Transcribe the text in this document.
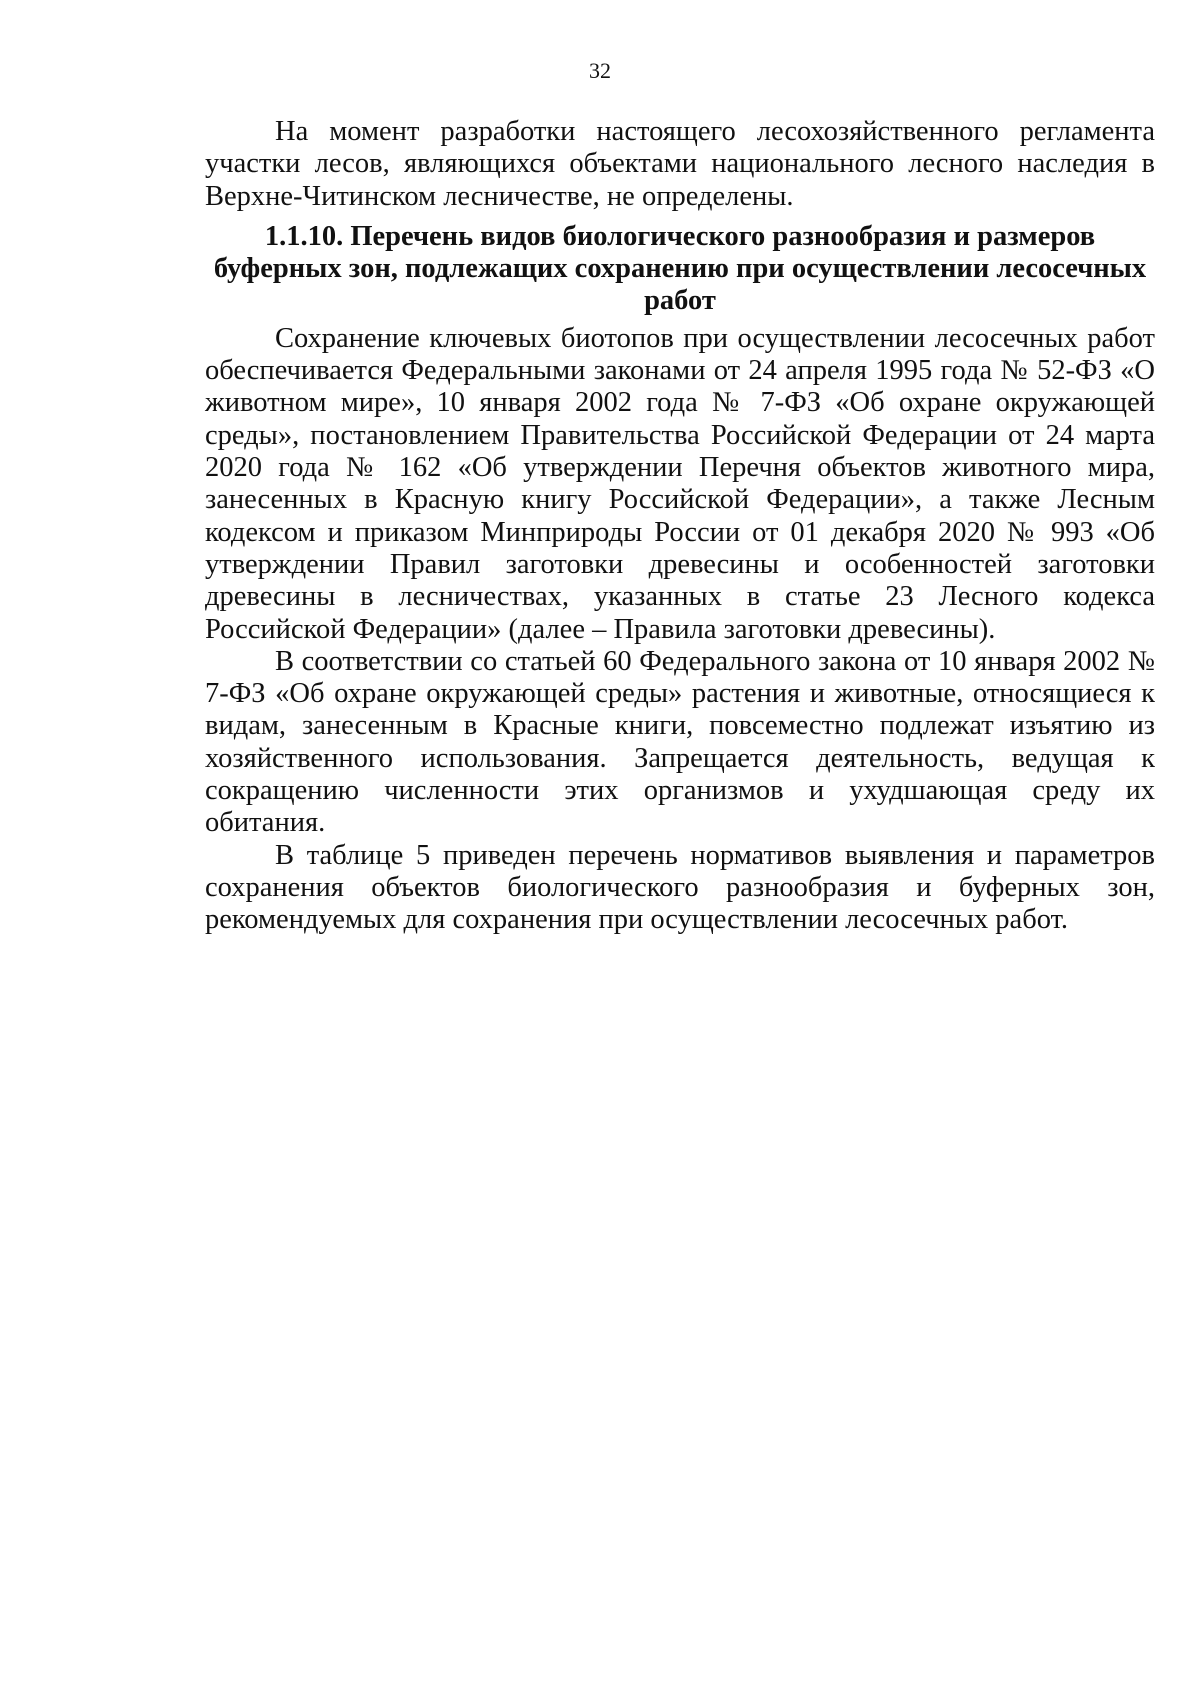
32

На момент разработки настоящего лесохозяйственного регламента участки лесов, являющихся объектами национального лесного наследия в Верхне-Читинском лесничестве, не определены.

1.1.10. Перечень видов биологического разнообразия и размеров буферных зон, подлежащих сохранению при осуществлении лесосечных работ

Сохранение ключевых биотопов при осуществлении лесосечных работ обеспечивается Федеральными законами от 24 апреля 1995 года № 52-ФЗ «О животном мире», 10 января 2002 года № 7-ФЗ «Об охране окружающей среды», постановлением Правительства Российской Федерации от 24 марта 2020 года № 162 «Об утверждении Перечня объектов животного мира, занесенных в Красную книгу Российской Федерации», а также Лесным кодексом и приказом Минприроды России от 01 декабря 2020 № 993 «Об утверждении Правил заготовки древесины и особенностей заготовки древесины в лесничествах, указанных в статье 23 Лесного кодекса Российской Федерации» (далее – Правила заготовки древесины).

В соответствии со статьей 60 Федерального закона от 10 января 2002 № 7-ФЗ «Об охране окружающей среды» растения и животные, относящиеся к видам, занесенным в Красные книги, повсеместно подлежат изъятию из хозяйственного использования. Запрещается деятельность, ведущая к сокращению численности этих организмов и ухудшающая среду их обитания.

В таблице 5 приведен перечень нормативов выявления и параметров сохранения объектов биологического разнообразия и буферных зон, рекомендуемых для сохранения при осуществлении лесосечных работ.
